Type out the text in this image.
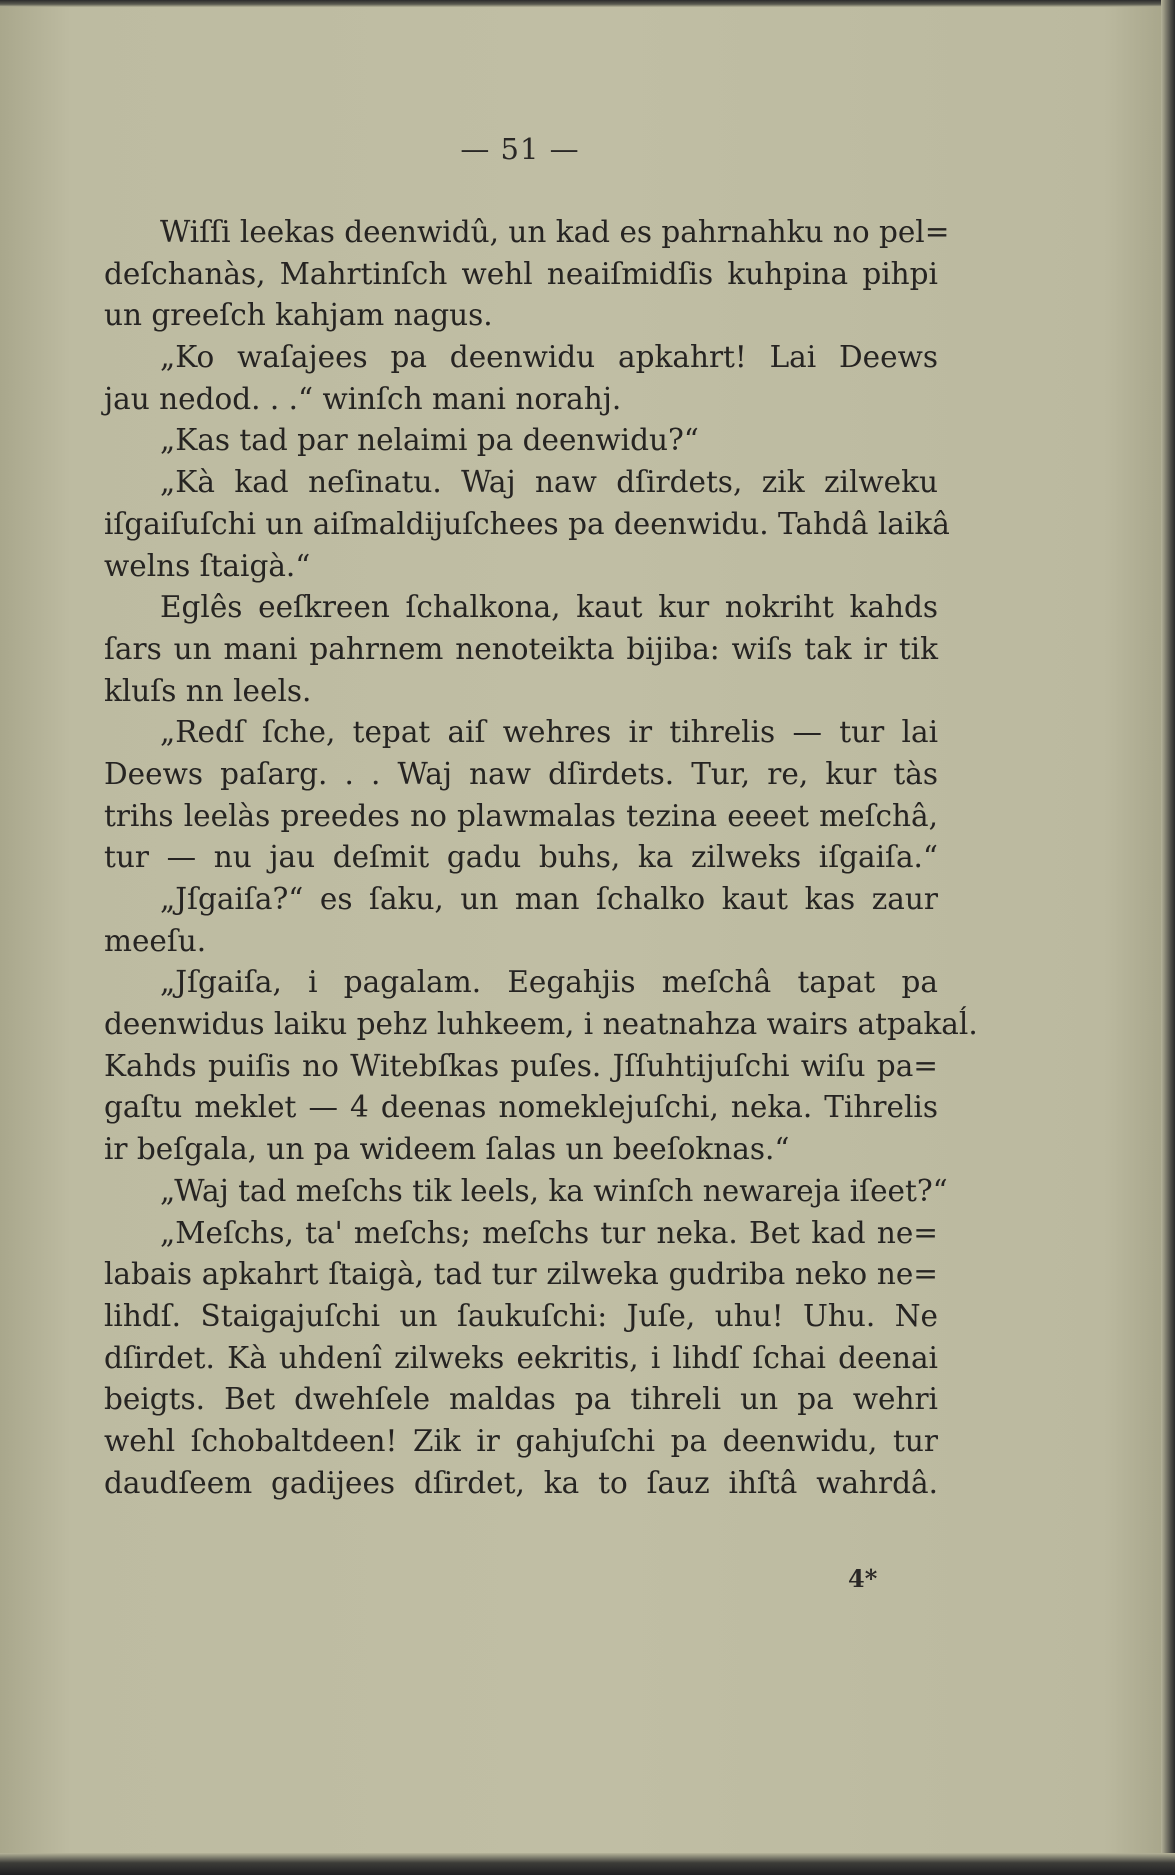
— 51 —
Wiſſi leekas deenwidû, un kad es pahrnahku no pel=
deſchanàs, Mahrtinſch wehl neaiſmidſis kuhpina pihpi
un greeſch kahjam nagus.
„Ko waſajees pa deenwidu apkahrt! Lai Deews
jau nedod. . .“ winſch mani norahj.
„Kas tad par nelaimi pa deenwidu?“
„Kà kad neſinatu. Waj naw dſirdets, zik zilweku
iſgaiſuſchi un aiſmaldijuſchees pa deenwidu. Tahdâ laikâ
welns ſtaigà.“
Eglês eeſkreen ſchalkona, kaut kur nokriht kahds
ſars un mani pahrnem nenoteikta bijiba: wiſs tak ir tik
kluſs nn leels.
„Redſ ſche, tepat aiſ wehres ir tihrelis — tur lai
Deews paſarg. . . Waj naw dſirdets. Tur, re, kur tàs
trihs leelàs preedes no plawmalas tezina eeeet meſchâ,
tur — nu jau deſmit gadu buhs, ka zilweks iſgaiſa.“
„Jſgaiſa?“ es ſaku, un man ſchalko kaut kas zaur
meeſu.
„Jſgaiſa, i pagalam. Eegahjis meſchâ tapat pa
deenwidus laiku pehz luhkeem, i neatnahza wairs atpakaĺ.
Kahds puiſis no Witebſkas puſes. Jſſuhtijuſchi wiſu pa=
gaſtu meklet — 4 deenas nomeklejuſchi, neka. Tihrelis
ir beſgala, un pa wideem ſalas un beeſoknas.“
„Waj tad meſchs tik leels, ka winſch newareja iſeet?“
„Meſchs, ta' meſchs; meſchs tur neka. Bet kad ne=
labais apkahrt ſtaigà, tad tur zilweka gudriba neko ne=
lihdſ. Staigajuſchi un ſaukuſchi: Juſe, uhu! Uhu. Ne
dſirdet. Kà uhdenî zilweks eekritis, i lihdſ ſchai deenai
beigts. Bet dwehſele maldas pa tihreli un pa wehri
wehl ſchobaltdeen! Zik ir gahjuſchi pa deenwidu, tur
daudſeem gadijees dſirdet, ka to ſauz ihſtâ wahrdâ.
4*
